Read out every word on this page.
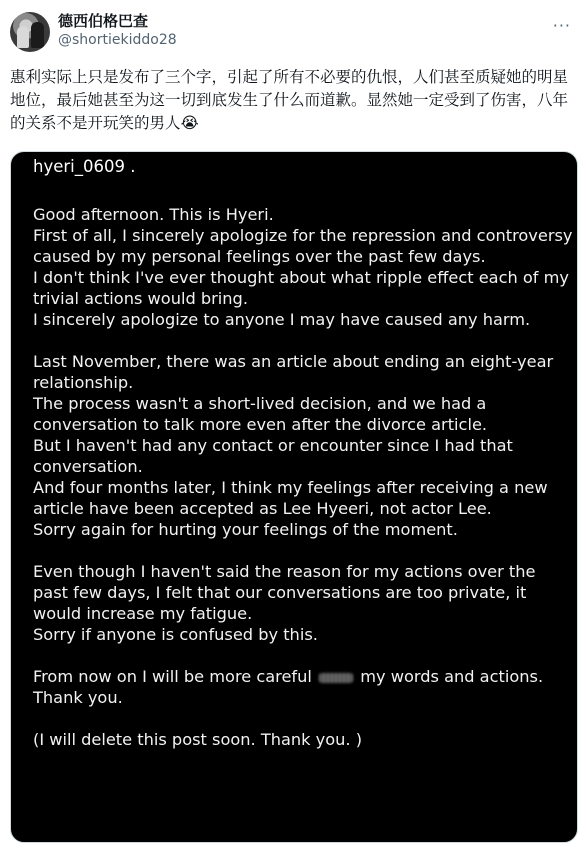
德西伯格巴查
@shortiekiddo28
···
惠利实际上只是发布了三个字，引起了所有不必要的仇恨，人们甚至质疑她的明星地位，最后她甚至为这一切到底发生了什么而道歉。显然她一定受到了伤害，八年的关系不是开玩笑的男人😭
hyeri_0609 .

Good afternoon. This is Hyeri.

First of all, I sincerely apologize for the repression and controversy caused by my personal feelings over the past few days.

I don't think I've ever thought about what ripple effect each of my trivial actions would bring.

I sincerely apologize to anyone I may have caused any harm.

Last November, there was an article about ending an eight-year relationship.

The process wasn't a short-lived decision, and we had a conversation to talk more even after the divorce article.

But I haven't had any contact or encounter since I had that conversation.

And four months later, I think my feelings after receiving a new article have been accepted as Lee Hyeeri, not actor Lee.

Sorry again for hurting your feelings of the moment.

Even though I haven't said the reason for my actions over the past few days, I felt that our conversations are too private, it would increase my fatigue.

Sorry if anyone is confused by this.

From now on I will be more careful	my words and actions.

Thank you.

(I will delete this post soon. Thank you. )
